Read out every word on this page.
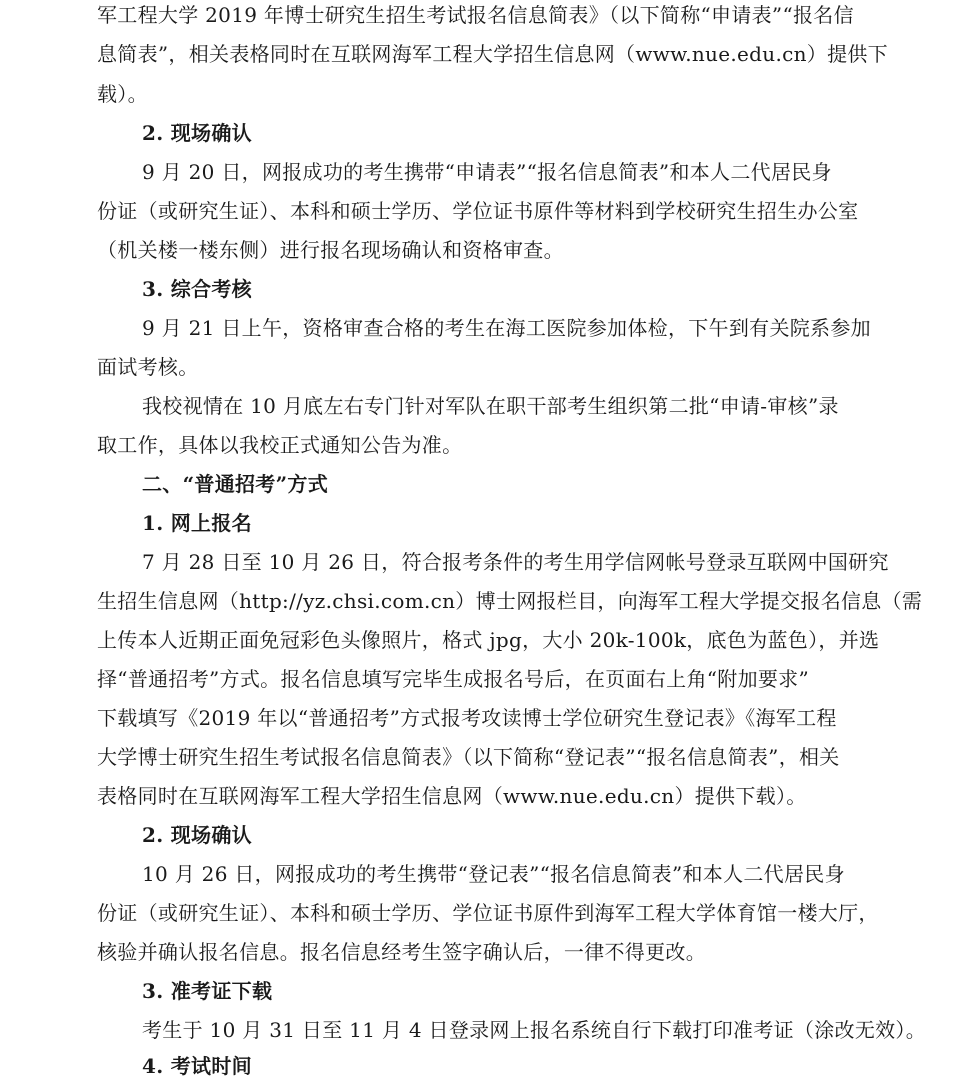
军工程大学 2019 年博士研究生招生考试报名信息简表》（以下简称“申请表”“报名信
息简表”，相关表格同时在互联网海军工程大学招生信息网（www.nue.edu.cn）提供下
载）。
2. 现场确认
9 月 20 日，网报成功的考生携带“申请表”“报名信息简表”和本人二代居民身
份证（或研究生证）、本科和硕士学历、学位证书原件等材料到学校研究生招生办公室
（机关楼一楼东侧）进行报名现场确认和资格审查。
3. 综合考核
9 月 21 日上午，资格审查合格的考生在海工医院参加体检，下午到有关院系参加
面试考核。
我校视情在 10 月底左右专门针对军队在职干部考生组织第二批“申请-审核”录
取工作，具体以我校正式通知公告为准。
二、“普通招考”方式
1. 网上报名
7 月 28 日至 10 月 26 日，符合报考条件的考生用学信网帐号登录互联网中国研究
生招生信息网（http://yz.chsi.com.cn）博士网报栏目，向海军工程大学提交报名信息（需
上传本人近期正面免冠彩色头像照片，格式 jpg，大小 20k-100k，底色为蓝色），并选
择“普通招考”方式。报名信息填写完毕生成报名号后，在页面右上角“附加要求”
下载填写《2019 年以“普通招考”方式报考攻读博士学位研究生登记表》《海军工程
大学博士研究生招生考试报名信息简表》（以下简称“登记表”“报名信息简表”，相关
表格同时在互联网海军工程大学招生信息网（www.nue.edu.cn）提供下载）。
2. 现场确认
10 月 26 日，网报成功的考生携带“登记表”“报名信息简表”和本人二代居民身
份证（或研究生证）、本科和硕士学历、学位证书原件到海军工程大学体育馆一楼大厅，
核验并确认报名信息。报名信息经考生签字确认后，一律不得更改。
3. 准考证下载
考生于 10 月 31 日至 11 月 4 日登录网上报名系统自行下载打印准考证（涂改无效）。
4. 考试时间
